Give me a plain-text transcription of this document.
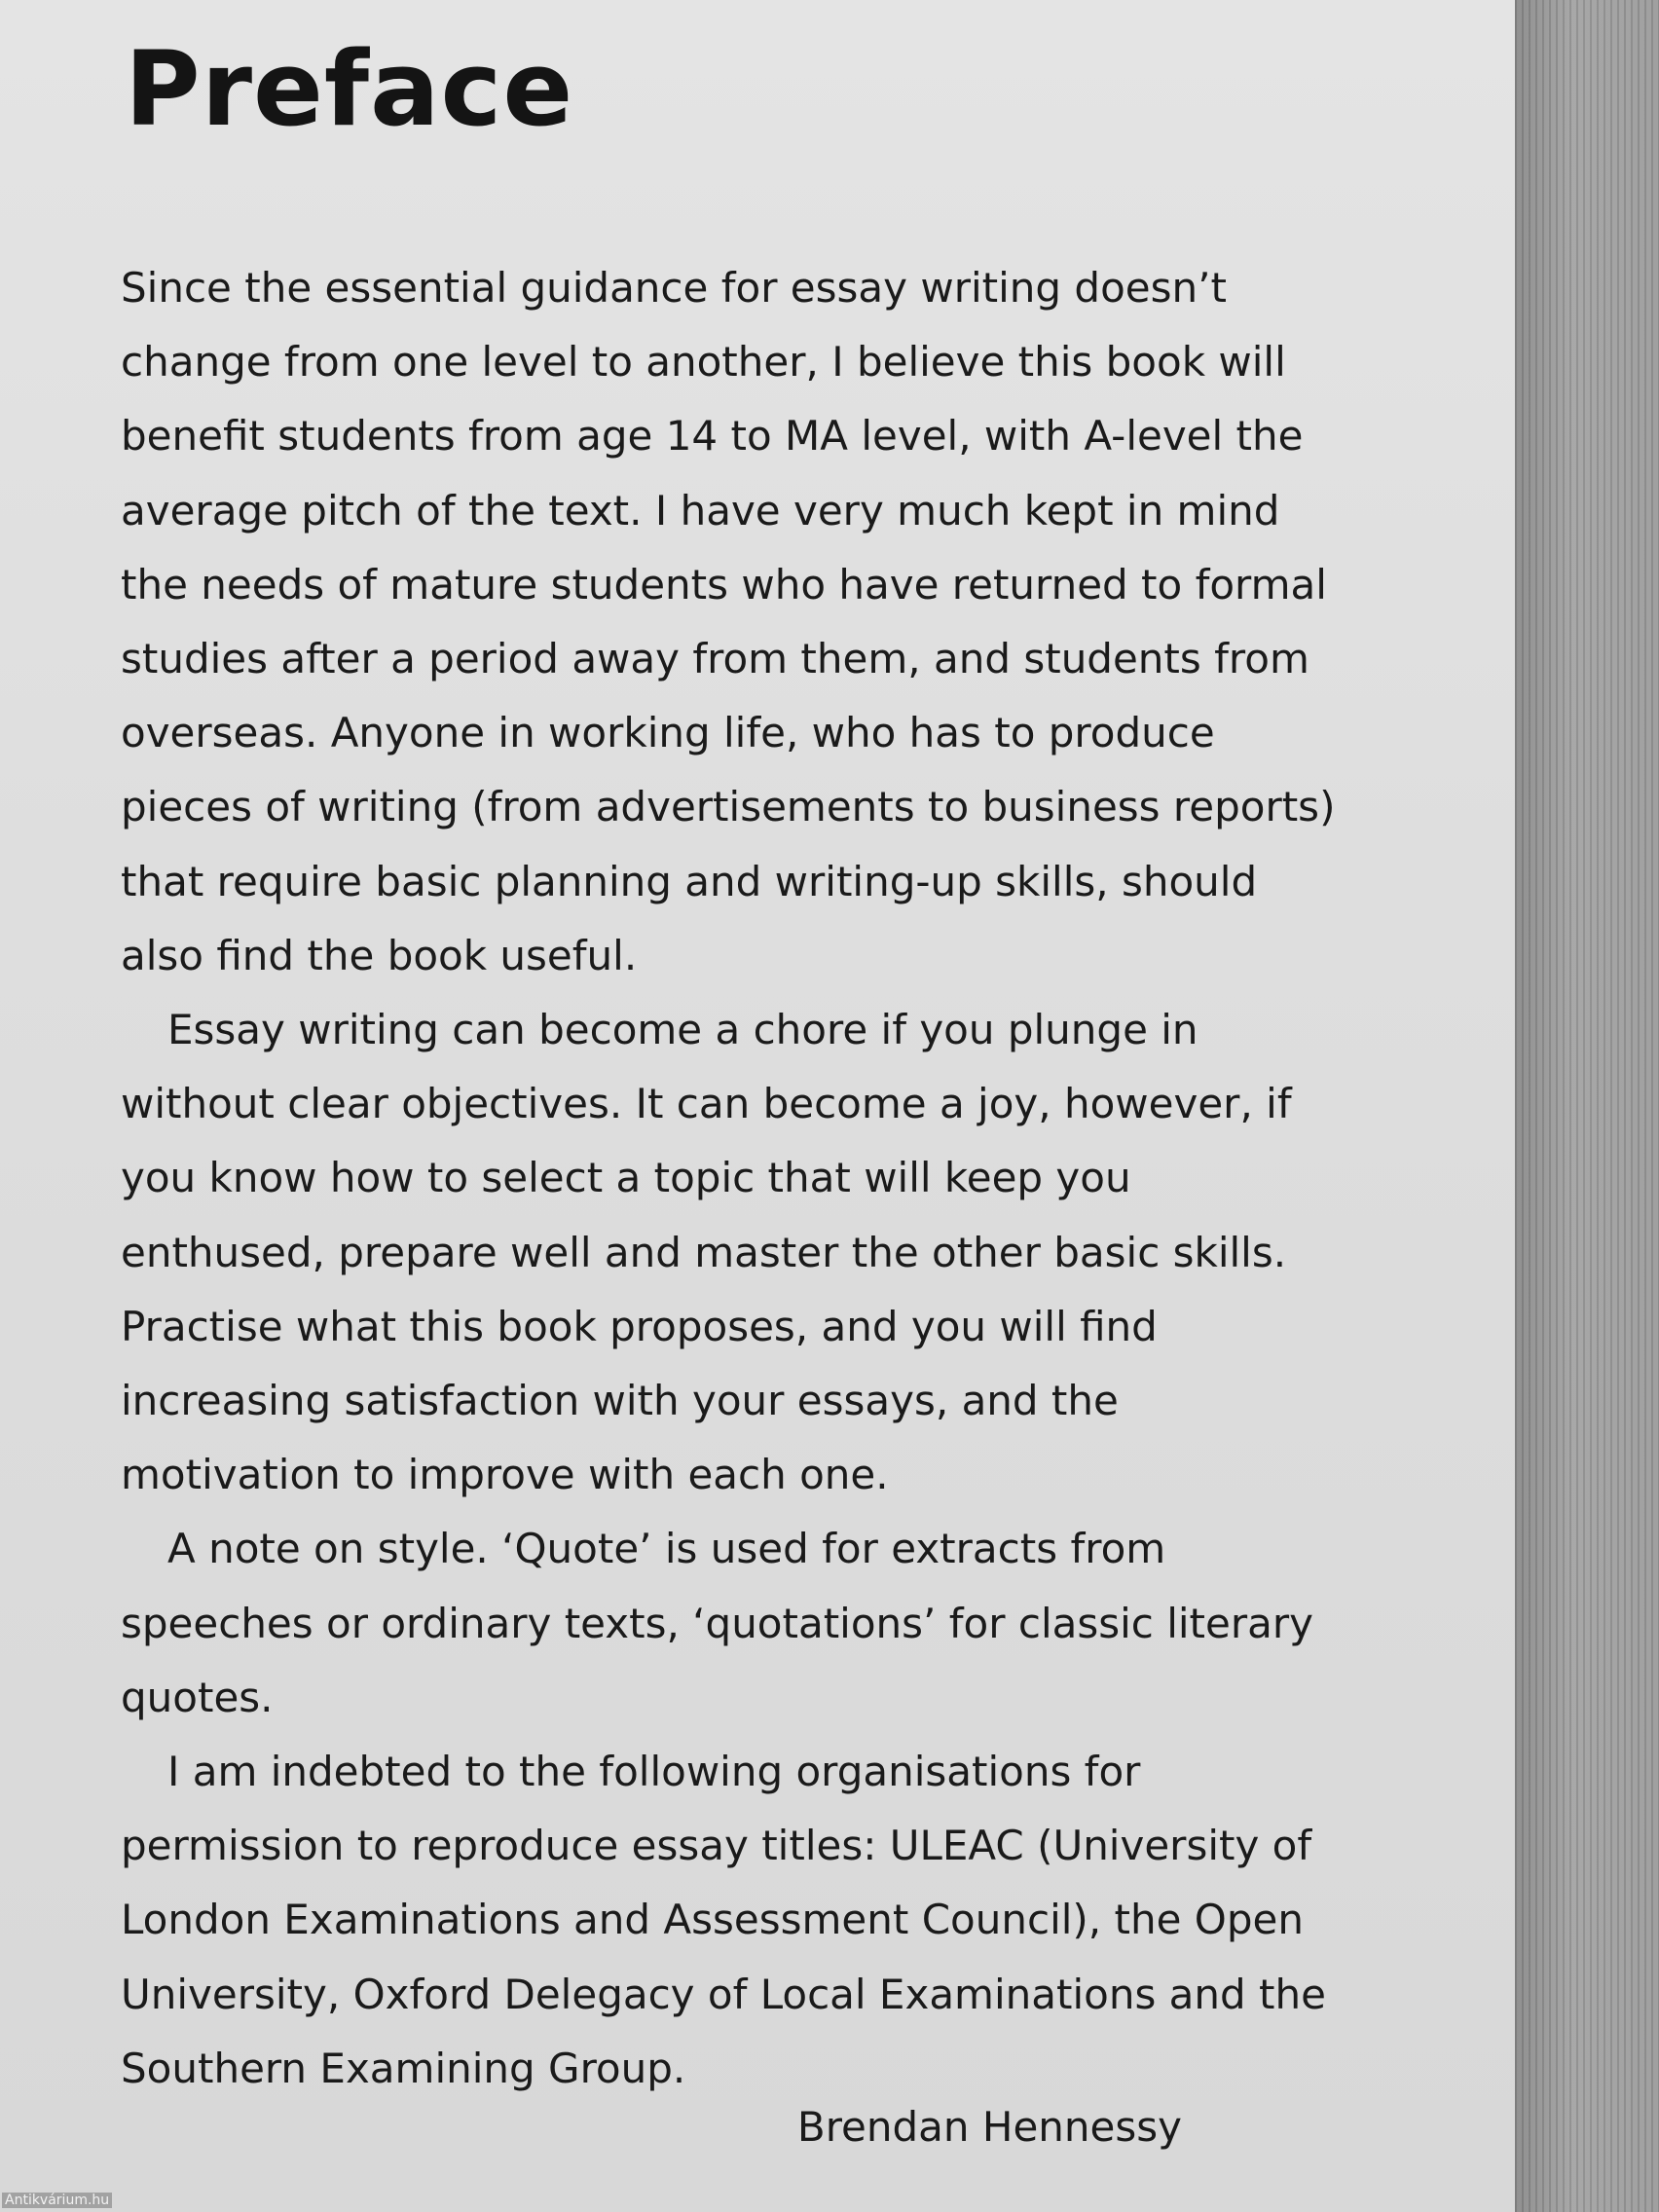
Preface

Since the essential guidance for essay writing doesn’t change from one level to another, I believe this book will benefit students from age 14 to MA level, with A-level the average pitch of the text. I have very much kept in mind the needs of mature students who have returned to formal studies after a period away from them, and students from overseas. Anyone in working life, who has to produce pieces of writing (from advertisements to business reports) that require basic planning and writing-up skills, should also find the book useful.

Essay writing can become a chore if you plunge in without clear objectives. It can become a joy, however, if you know how to select a topic that will keep you enthused, prepare well and master the other basic skills. Practise what this book proposes, and you will find increasing satisfaction with your essays, and the motivation to improve with each one.

A note on style. ‘Quote’ is used for extracts from speeches or ordinary texts, ‘quotations’ for classic literary quotes.

I am indebted to the following organisations for permission to reproduce essay titles: ULEAC (University of London Examinations and Assessment Council), the Open University, Oxford Delegacy of Local Examinations and the Southern Examining Group.

Brendan Hennessy
Antikvárium.hu
